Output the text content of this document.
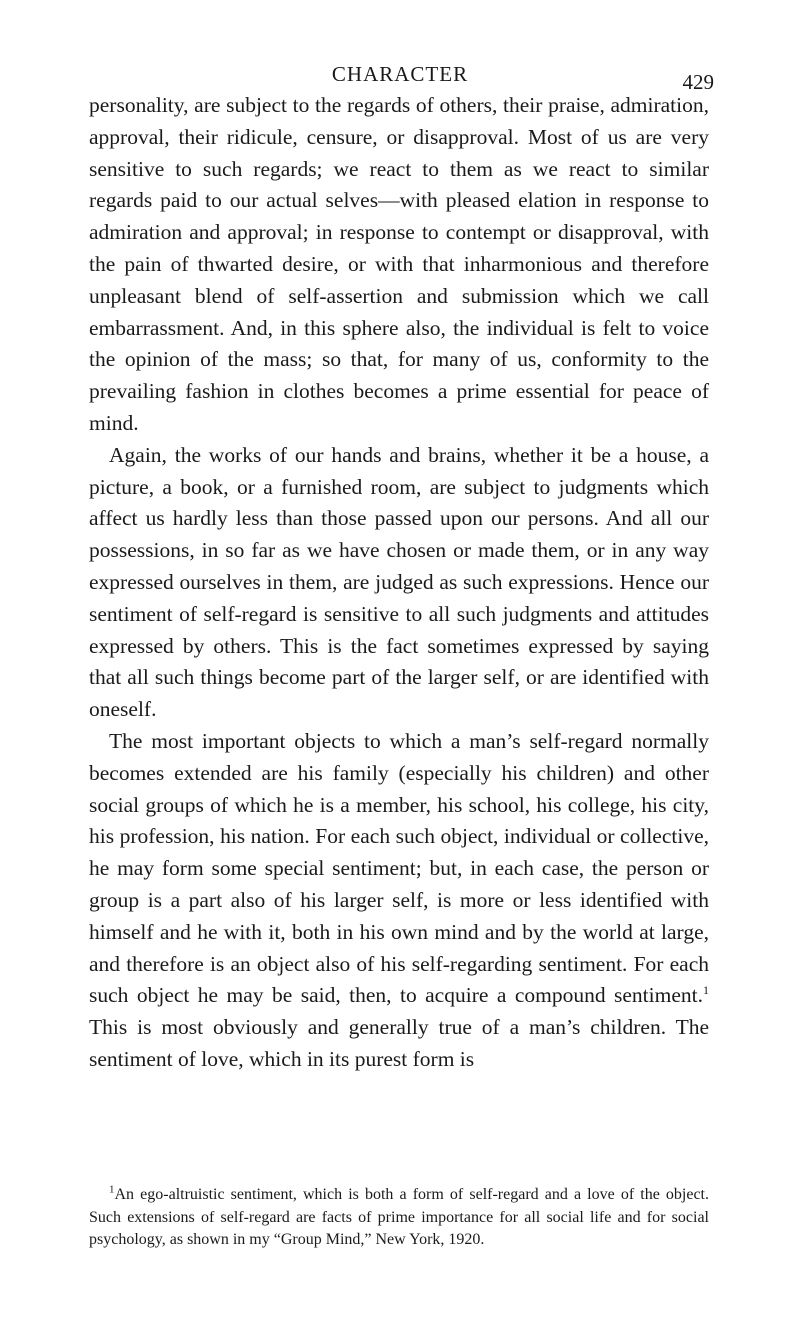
CHARACTER	429

personality, are subject to the regards of others, their praise, admiration, approval, their ridicule, censure, or disapproval. Most of us are very sensitive to such regards; we react to them as we react to similar regards paid to our actual selves—with pleased elation in response to admiration and approval; in response to contempt or disapproval, with the pain of thwarted desire, or with that inharmonious and therefore unpleasant blend of self-assertion and submission which we call embarrassment. And, in this sphere also, the individual is felt to voice the opinion of the mass; so that, for many of us, conformity to the prevailing fashion in clothes becomes a prime essential for peace of mind.

Again, the works of our hands and brains, whether it be a house, a picture, a book, or a furnished room, are subject to judgments which affect us hardly less than those passed upon our persons. And all our possessions, in so far as we have chosen or made them, or in any way expressed ourselves in them, are judged as such expressions. Hence our sentiment of self-regard is sensitive to all such judgments and attitudes expressed by others. This is the fact sometimes expressed by saying that all such things become part of the larger self, or are identified with oneself.

The most important objects to which a man’s self-regard normally becomes extended are his family (especially his children) and other social groups of which he is a member, his school, his college, his city, his profession, his nation. For each such object, individual or collective, he may form some special sentiment; but, in each case, the person or group is a part also of his larger self, is more or less identified with himself and he with it, both in his own mind and by the world at large, and therefore is an object also of his self-regarding sentiment. For each such object he may be said, then, to acquire a compound sentiment.$^1$ This is most obviously and generally true of a man’s children. The sentiment of love, which in its purest form is

$^1$An ego-altruistic sentiment, which is both a form of self-regard and a love of the object. Such extensions of self-regard are facts of prime importance for all social life and for social psychology, as shown in my “Group Mind,” New York, 1920.
